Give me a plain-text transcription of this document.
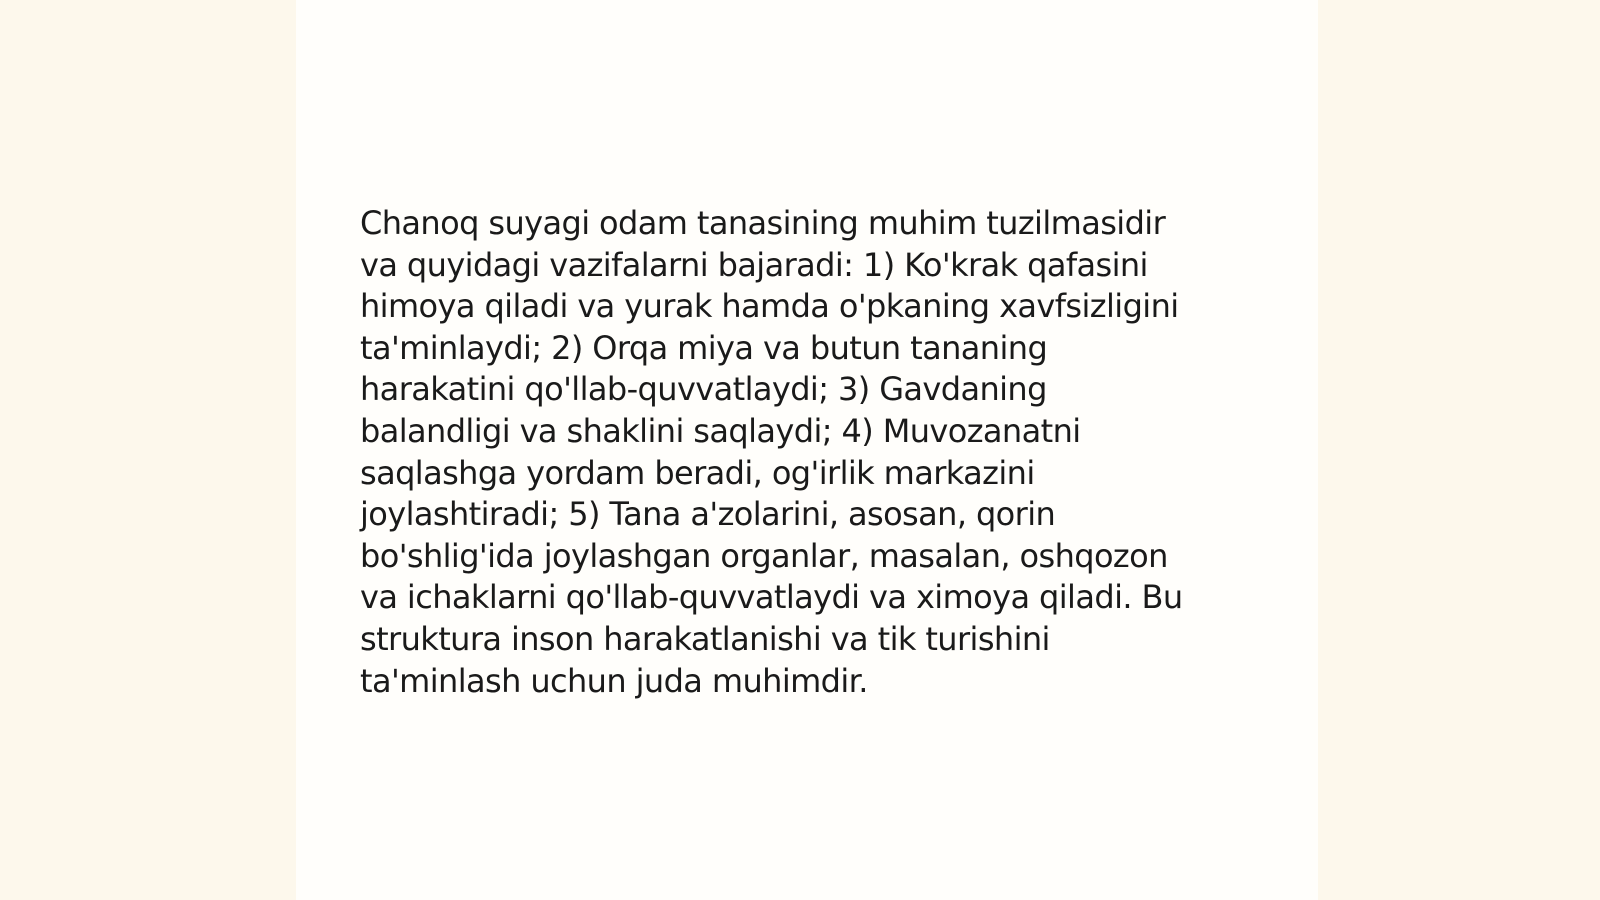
Chanoq suyagi odam tanasining muhim tuzilmasidir
va quyidagi vazifalarni bajaradi: 1) Ko'krak qafasini
himoya qiladi va yurak hamda o'pkaning xavfsizligini
ta'minlaydi; 2) Orqa miya va butun tananing
harakatini qo'llab-quvvatlaydi; 3) Gavdaning
balandligi va shaklini saqlaydi; 4) Muvozanatni
saqlashga yordam beradi, og'irlik markazini
joylashtiradi; 5) Tana a'zolarini, asosan, qorin
bo'shlig'ida joylashgan organlar, masalan, oshqozon
va ichaklarni qo'llab-quvvatlaydi va ximoya qiladi. Bu
struktura inson harakatlanishi va tik turishini
ta'minlash uchun juda muhimdir.
